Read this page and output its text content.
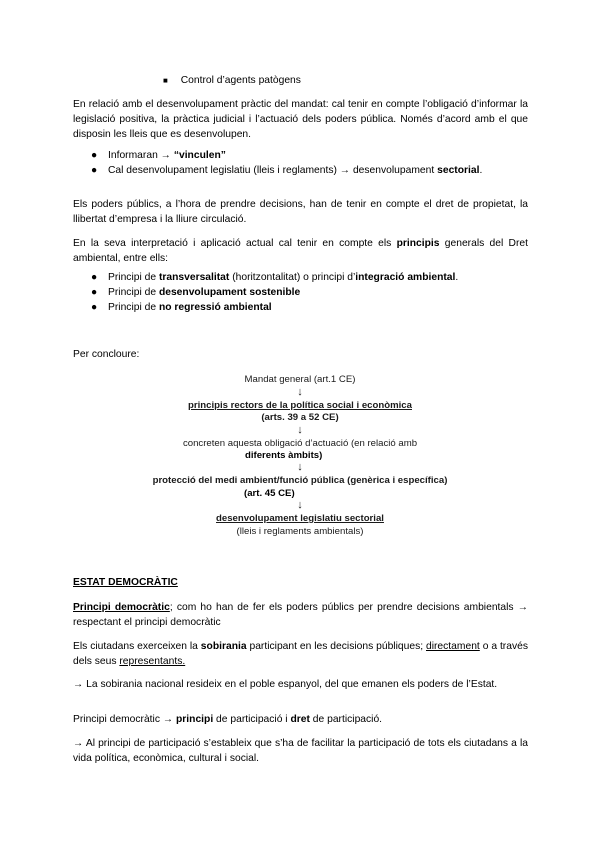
■ Control d’agents patògens
En relació amb el desenvolupament pràctic del mandat: cal tenir en compte l’obligació d’informar la legislació positiva, la pràctica judicial i l’actuació dels poders pública. Només d’acord amb el que disposin les lleis que es desenvolupen.
● Informaran → “vinculen”
● Cal desenvolupament legislatiu (lleis i reglaments) → desenvolupament sectorial.
Els poders públics, a l’hora de prendre decisions, han de tenir en compte el dret de propietat, la llibertat d’empresa i la lliure circulació.
En la seva interpretació i aplicació actual cal tenir en compte els principis generals del Dret ambiental, entre ells:
● Principi de transversalitat (horitzontalitat) o principi d’integració ambiental.
● Principi de desenvolupament sostenible
● Principi de no regressió ambiental
Per concloure:
Mandat general (art.1 CE)
↓
principis rectors de la política social i econòmica
(arts. 39 a 52 CE)
↓
concreten aquesta obligació d’actuació (en relació amb
diferents àmbits)
↓
protecció del medi ambient/funció pública (genèrica i específica)
(art. 45 CE)
↓
desenvolupament legislatiu sectorial
(lleis i reglaments ambientals)
ESTAT DEMOCRÀTIC
Principi democràtic; com ho han de fer els poders públics per prendre decisions ambientals → respectant el principi democràtic
Els ciutadans exerceixen la sobirania participant en les decisions públiques; directament o a través dels seus representants.
→ La sobirania nacional resideix en el poble espanyol, del que emanen els poders de l’Estat.
Principi democràtic → principi de participació i dret de participació.
→ Al principi de participació s’estableix que s’ha de facilitar la participació de tots els ciutadans a la vida política, econòmica, cultural i social.
